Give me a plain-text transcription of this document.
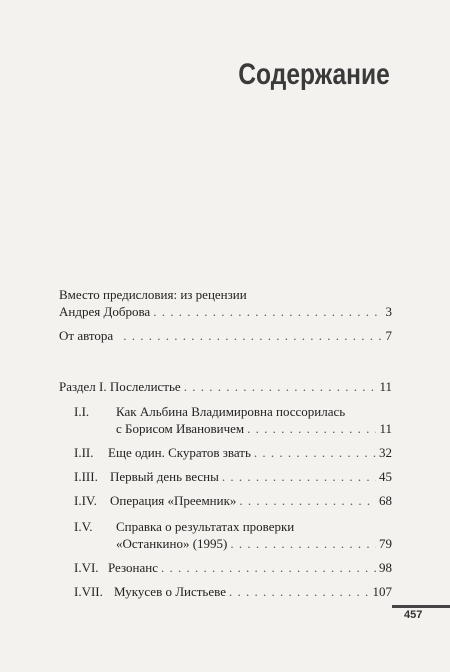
Содержание
Вместо предисловия: из рецензии
Андрея Доброва . . .	3
От автора . . .	7
Раздел I. Послелистье . . .	11
I.I. Как Альбина Владимировна поссорилась
с Борисом Ивановичем . . .	11
I.II. Еще один. Скуратов звать . . .	32
I.III. Первый день весны . . .	45
I.IV. Операция «Преемник» . . .	68
I.V. Справка о результатах проверки
«Останкино» (1995) . . .	79
I.VI. Резонанс . . .	98
I.VII. Мукусев о Листьеве . . .	107
457
